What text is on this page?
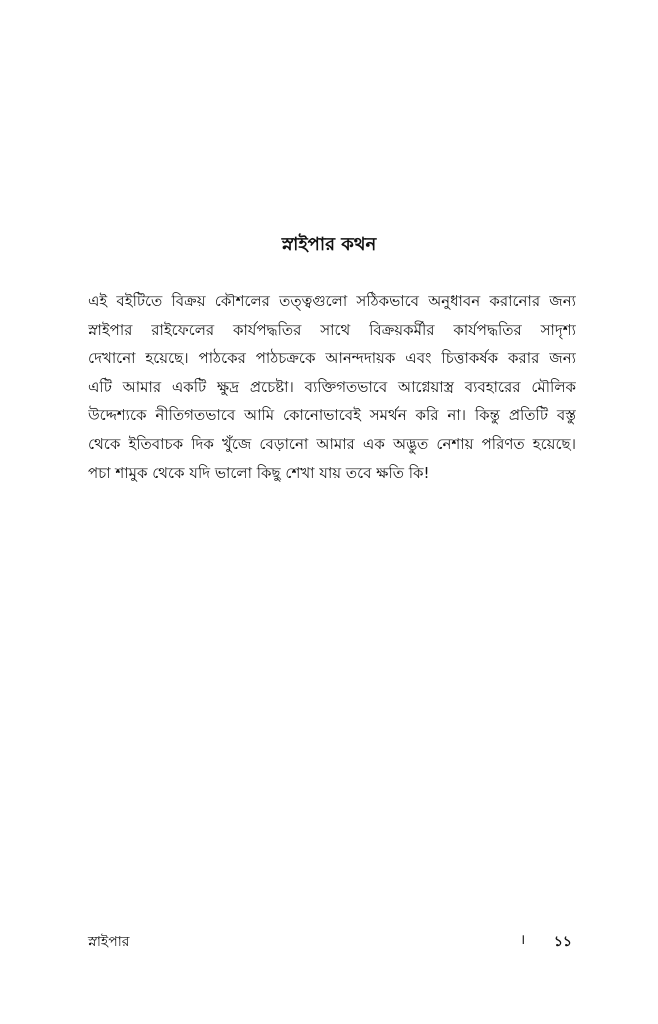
স্নাইপার কথন
এই বইটিতে বিক্রয় কৌশলের তত্ত্বগুলো সঠিকভাবে অনুধাবন করানোর জন্য
স্নাইপার রাইফেলের কার্যপদ্ধতির সাথে বিক্রয়কর্মীর কার্যপদ্ধতির সাদৃশ্য
দেখানো হয়েছে। পাঠকের পাঠচক্রকে আনন্দদায়ক এবং চিত্তাকর্ষক করার জন্য
এটি আমার একটি ক্ষুদ্র প্রচেষ্টা। ব্যক্তিগতভাবে আগ্নেয়াস্ত্র ব্যবহারের মৌলিক
উদ্দেশ্যকে নীতিগতভাবে আমি কোনোভাবেই সমর্থন করি না। কিন্তু প্রতিটি বস্তু
থেকে ইতিবাচক দিক খুঁজে বেড়ানো আমার এক অদ্ভুত নেশায় পরিণত হয়েছে।
পচা শামুক থেকে যদি ভালো কিছু শেখা যায় তবে ক্ষতি কি!
স্নাইপার	। ১১
